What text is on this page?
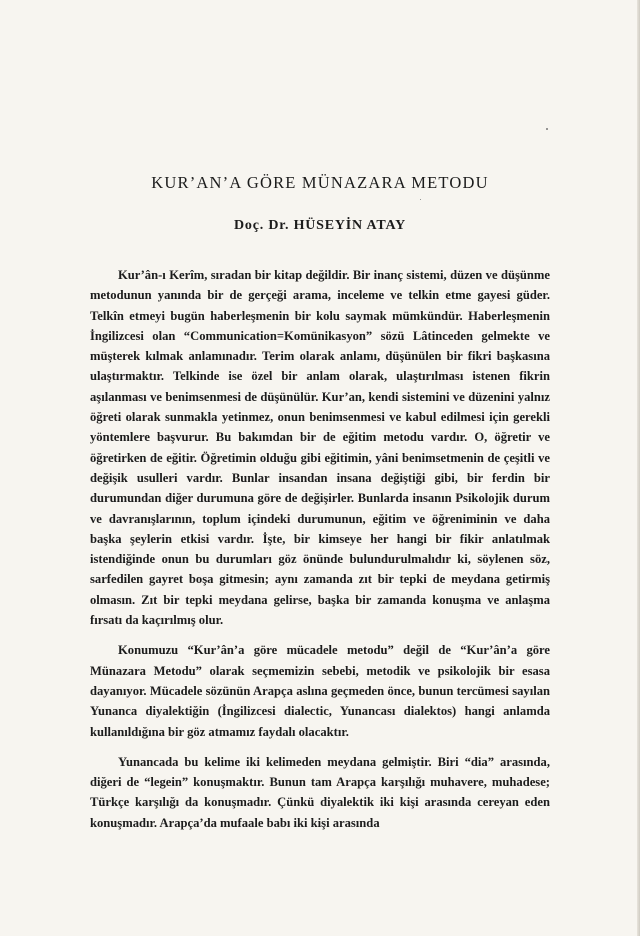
KUR’AN’A GÖRE MÜNAZARA METODU
Doç. Dr. HÜSEYİN ATAY

Kur’ân-ı Kerîm, sıradan bir kitap değildir. Bir inanç sistemi, düzen ve düşünme metodunun yanında bir de gerçeği arama, inceleme ve telkin etme gayesi güder. Telkîn etmeyi bugün haberleşmenin bir kolu saymak mümkündür. Haberleşmenin İngilizcesi olan “Communication=Komünikasyon” sözü Lâtinceden gelmekte ve müşterek kılmak anlamınadır. Terim olarak anlamı, düşünülen bir fikri başkasına ulaştırmaktır. Telkinde ise özel bir anlam olarak, ulaştırılması istenen fikrin aşılanması ve benimsenmesi de düşünülür. Kur’an, kendi sistemini ve düzenini yalnız öğreti olarak sunmakla yetinmez, onun benimsenmesi ve kabul edilmesi için gerekli yöntemlere başvurur. Bu bakımdan bir de eğitim metodu vardır. O, öğretir ve öğretirken de eğitir. Öğretimin olduğu gibi eğitimin, yâni benimsetmenin de çeşitli ve değişik usulleri vardır. Bunlar insandan insana değiştiği gibi, bir ferdin bir durumundan diğer durumuna göre de değişirler. Bunlarda insanın Psikolojik durum ve davranışlarının, toplum içindeki durumunun, eğitim ve öğreniminin ve daha başka şeylerin etkisi vardır. İşte, bir kimseye her hangi bir fikir anlatılmak istendiğinde onun bu durumları göz önünde bulundurulmalıdır ki, söylenen söz, sarfedilen gayret boşa gitmesin; aynı zamanda zıt bir tepki de meydana getirmiş olmasın. Zıt bir tepki meydana gelirse, başka bir zamanda konuşma ve anlaşma fırsatı da kaçırılmış olur.

Konumuzu “Kur’ân’a göre mücadele metodu” değil de “Kur’ân’a göre Münazara Metodu” olarak seçmemizin sebebi, metodik ve psikolojik bir esasa dayanıyor. Mücadele sözünün Arapça aslına geçmeden önce, bunun tercümesi sayılan Yunanca diyalektiğin (İngilizcesi dialectic, Yunancası dialektos) hangi anlamda kullanıldığına bir göz atmamız faydalı olacaktır.

Yunancada bu kelime iki kelimeden meydana gelmiştir. Biri “dia” arasında, diğeri de “legein” konuşmaktır. Bunun tam Arapça karşılığı muhavere, muhadese; Türkçe karşılığı da konuşmadır. Çünkü diyalektik iki kişi arasında cereyan eden konuşmadır. Arapça’da mufaale babı iki kişi arasında
